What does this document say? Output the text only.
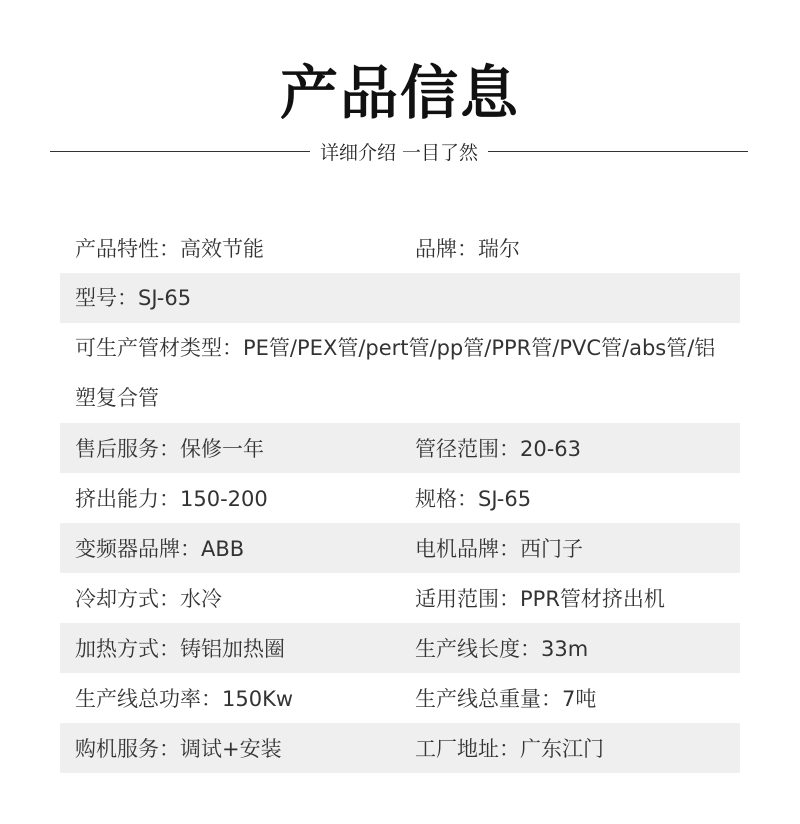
产品信息
详细介绍 一目了然
产品特性：高效节能	品牌：瑞尔
型号：SJ-65
可生产管材类型：PE管/PEX管/pert管/pp管/PPR管/PVC管/abs管/铝塑复合管
售后服务：保修一年	管径范围：20-63
挤出能力：150-200	规格：SJ-65
变频器品牌：ABB	电机品牌：西门子
冷却方式：水冷	适用范围：PPR管材挤出机
加热方式：铸铝加热圈	生产线长度：33m
生产线总功率：150Kw	生产线总重量：7吨
购机服务：调试+安装	工厂地址：广东江门
